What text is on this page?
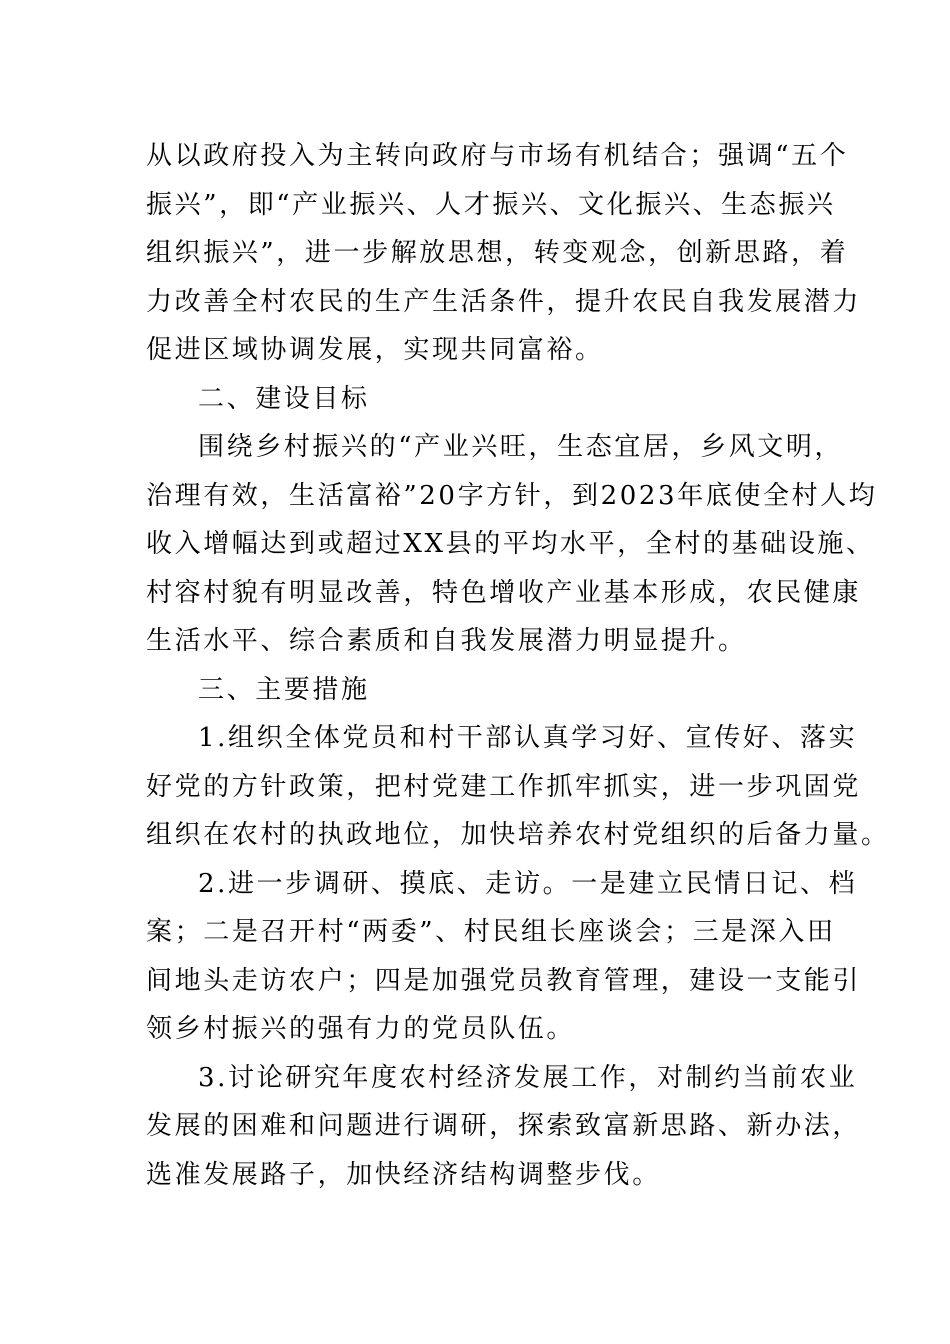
从以政府投入为主转向政府与市场有机结合；强调“五个
振兴”，即“产业振兴、人才振兴、文化振兴、生态振兴
组织振兴”，进一步解放思想，转变观念，创新思路，着
力改善全村农民的生产生活条件，提升农民自我发展潜力
促进区域协调发展，实现共同富裕。

二、建设目标

围绕乡村振兴的“产业兴旺，生态宜居，乡风文明，
治理有效，生活富裕”20字方针，到2023年底使全村人均
收入增幅达到或超过XX县的平均水平，全村的基础设施、
村容村貌有明显改善，特色增收产业基本形成，农民健康
生活水平、综合素质和自我发展潜力明显提升。

三、主要措施

1.组织全体党员和村干部认真学习好、宣传好、落实
好党的方针政策，把村党建工作抓牢抓实，进一步巩固党
组织在农村的执政地位，加快培养农村党组织的后备力量。

2.进一步调研、摸底、走访。一是建立民情日记、档
案；二是召开村“两委”、村民组长座谈会；三是深入田
间地头走访农户；四是加强党员教育管理，建设一支能引
领乡村振兴的强有力的党员队伍。

3.讨论研究年度农村经济发展工作，对制约当前农业
发展的困难和问题进行调研，探索致富新思路、新办法，
选准发展路子，加快经济结构调整步伐。
